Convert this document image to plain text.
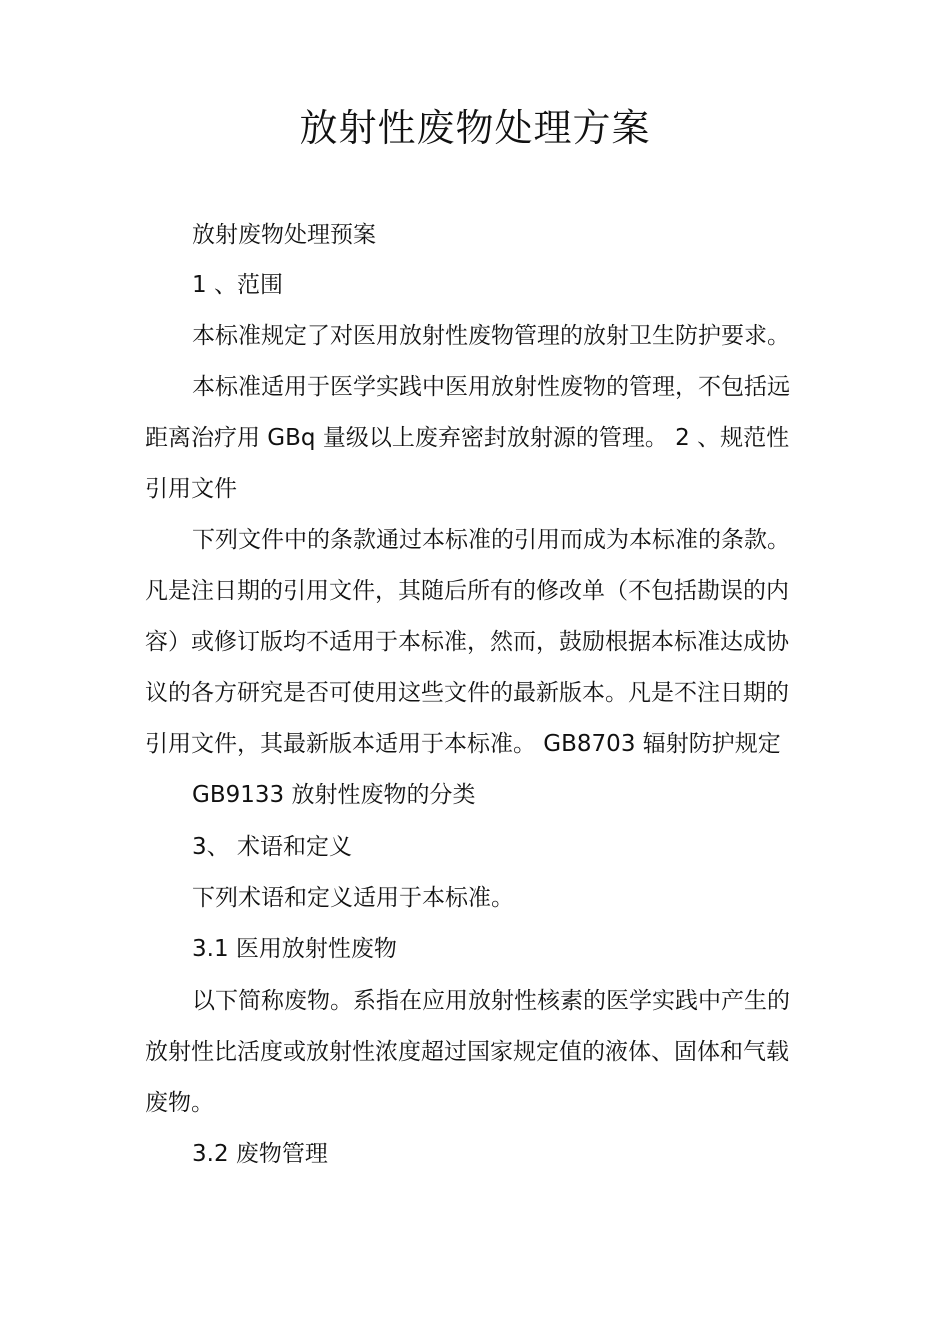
放射性废物处理方案

放射废物处理预案

1 、范围

本标准规定了对医用放射性废物管理的放射卫生防护要求。

本标准适用于医学实践中医用放射性废物的管理，不包括远

距离治疗用 GBq 量级以上废弃密封放射源的管理。 2 、规范性

引用文件

下列文件中的条款通过本标准的引用而成为本标准的条款。

凡是注日期的引用文件，其随后所有的修改单（不包括勘误的内

容）或修订版均不适用于本标准，然而，鼓励根据本标准达成协

议的各方研究是否可使用这些文件的最新版本。凡是不注日期的

引用文件，其最新版本适用于本标准。 GB8703 辐射防护规定

GB9133 放射性废物的分类

3、 术语和定义

下列术语和定义适用于本标准。

3.1 医用放射性废物

以下简称废物。系指在应用放射性核素的医学实践中产生的

放射性比活度或放射性浓度超过国家规定值的液体、固体和气载

废物。

3.2 废物管理
